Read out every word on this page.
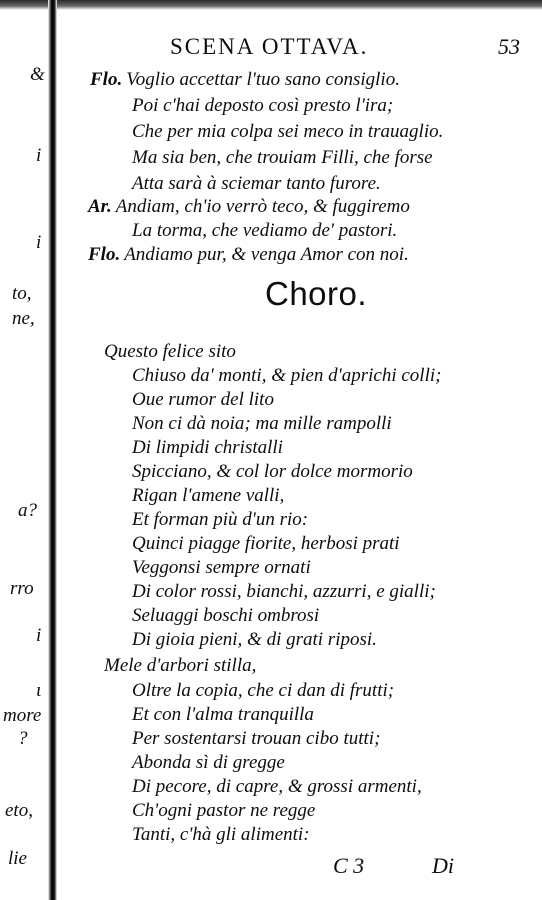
&
i
i
to,
ne,
a?
rro
i
ι
more
?
eto,
lie
SCENA OTTAVA.	53
Flo. Voglio accettar l'tuo sano consiglio.
Poi c'hai deposto così presto l'ira;
Che per mia colpa sei meco in trauaglio.
Ma sia ben, che trouiam Filli, che forse
Atta sarà à sciemar tanto furore.
Ar. Andiam, ch'io verrò teco, & fuggiremo
La torma, che vediamo de' pastori.
Flo. Andiamo pur, & venga Amor con noi.
Choro.
Questo felice sito
Chiuso da' monti, & pien d'aprichi colli;
Oue rumor del lito
Non ci dà noia; ma mille rampolli
Di limpidi christalli
Spicciano, & col lor dolce mormorio
Rigan l'amene valli,
Et forman più d'un rio:
Quinci piagge fiorite, herbosi prati
Veggonsi sempre ornati
Di color rossi, bianchi, azzurri, e gialli;
Seluaggi boschi ombrosi
Di gioia pieni, & di grati riposi.
Mele d'arbori stilla,
Oltre la copia, che ci dan di frutti;
Et con l'alma tranquilla
Per sostentarsi trouan cibo tutti;
Abonda sì di gregge
Di pecore, di capre, & grossi armenti,
Ch'ogni pastor ne regge
Tanti, c'hà gli alimenti:
C 3	Di
